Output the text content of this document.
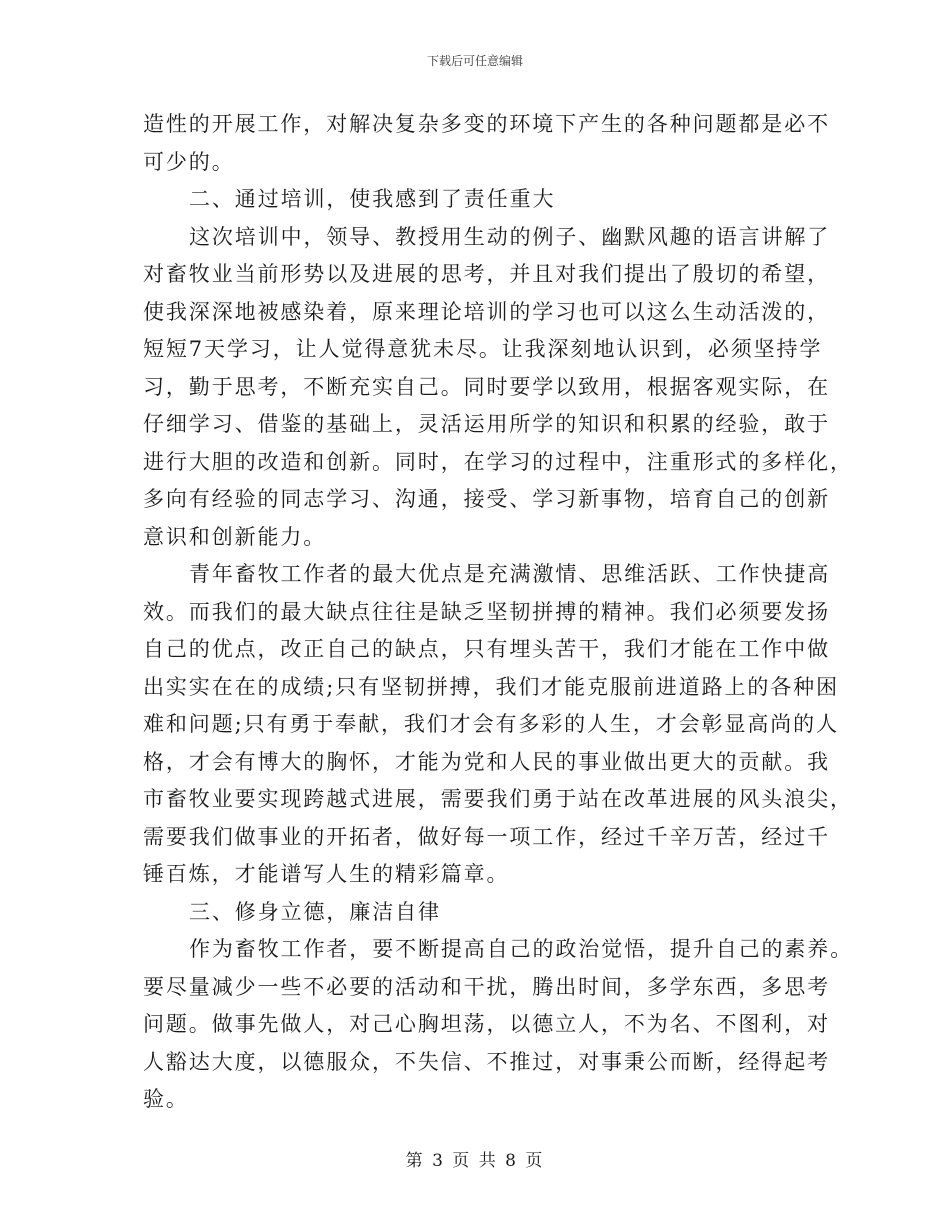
下载后可任意编辑
造性的开展工作，对解决复杂多变的环境下产生的各种问题都是必不
可少的。
二、通过培训，使我感到了责任重大
这次培训中，领导、教授用生动的例子、幽默风趣的语言讲解了
对畜牧业当前形势以及进展的思考，并且对我们提出了殷切的希望，
使我深深地被感染着，原来理论培训的学习也可以这么生动活泼的，
短短7天学习，让人觉得意犹未尽。让我深刻地认识到，必须坚持学
习，勤于思考，不断充实自己。同时要学以致用，根据客观实际，在
仔细学习、借鉴的基础上，灵活运用所学的知识和积累的经验，敢于
进行大胆的改造和创新。同时，在学习的过程中，注重形式的多样化，
多向有经验的同志学习、沟通，接受、学习新事物，培育自己的创新
意识和创新能力。
青年畜牧工作者的最大优点是充满激情、思维活跃、工作快捷高
效。而我们的最大缺点往往是缺乏坚韧拼搏的精神。我们必须要发扬
自己的优点，改正自己的缺点，只有埋头苦干，我们才能在工作中做
出实实在在的成绩;只有坚韧拼搏，我们才能克服前进道路上的各种困
难和问题;只有勇于奉献，我们才会有多彩的人生，才会彰显高尚的人
格，才会有博大的胸怀，才能为党和人民的事业做出更大的贡献。我
市畜牧业要实现跨越式进展，需要我们勇于站在改革进展的风头浪尖，
需要我们做事业的开拓者，做好每一项工作，经过千辛万苦，经过千
锤百炼，才能谱写人生的精彩篇章。
三、修身立德，廉洁自律
作为畜牧工作者，要不断提高自己的政治觉悟，提升自己的素养。
要尽量减少一些不必要的活动和干扰，腾出时间，多学东西，多思考
问题。做事先做人，对己心胸坦荡，以德立人，不为名、不图利，对
人豁达大度，以德服众，不失信、不推过，对事秉公而断，经得起考
验。
第 3 页 共 8 页
